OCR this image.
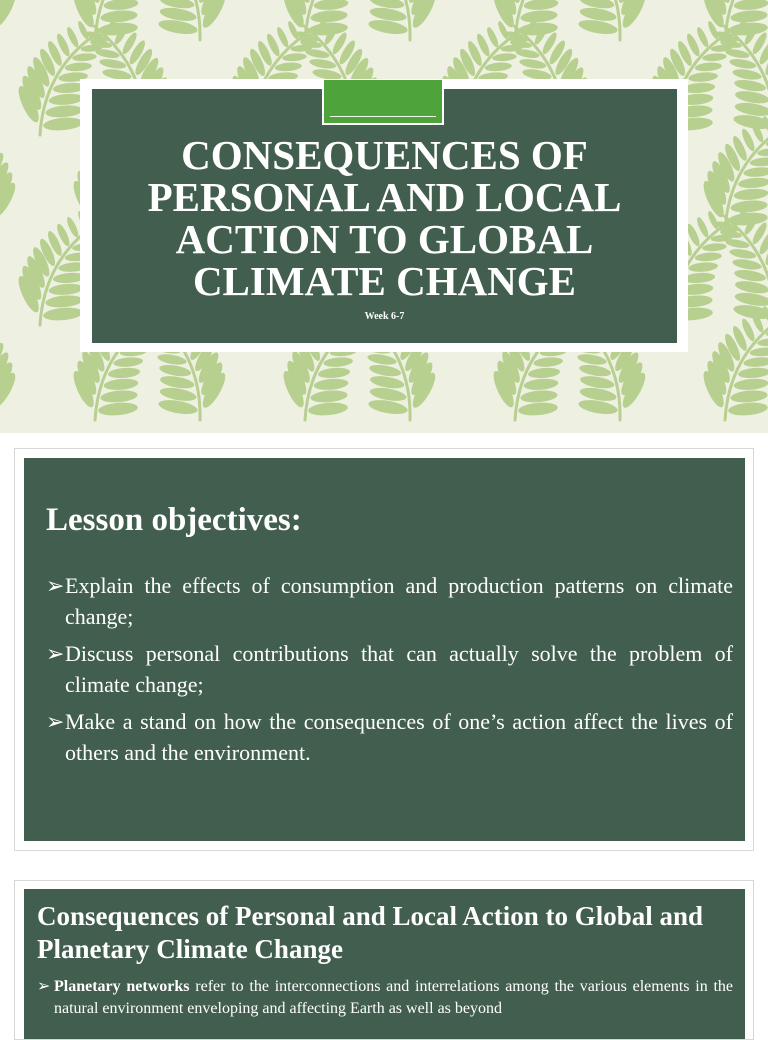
CONSEQUENCES OF PERSONAL AND LOCAL ACTION TO GLOBAL CLIMATE CHANGE
Week 6-7
Lesson objectives:
➢Explain the effects of consumption and production patterns on climate change;
➢Discuss personal contributions that can actually solve the problem of climate change;
➢Make a stand on how the consequences of one’s action affect the lives of others and the environment.
Consequences of Personal and Local Action to Global and Planetary Climate Change
➢ Planetary networks refer to the interconnections and interrelations among the various elements in the natural environment enveloping and affecting Earth as well as beyond
